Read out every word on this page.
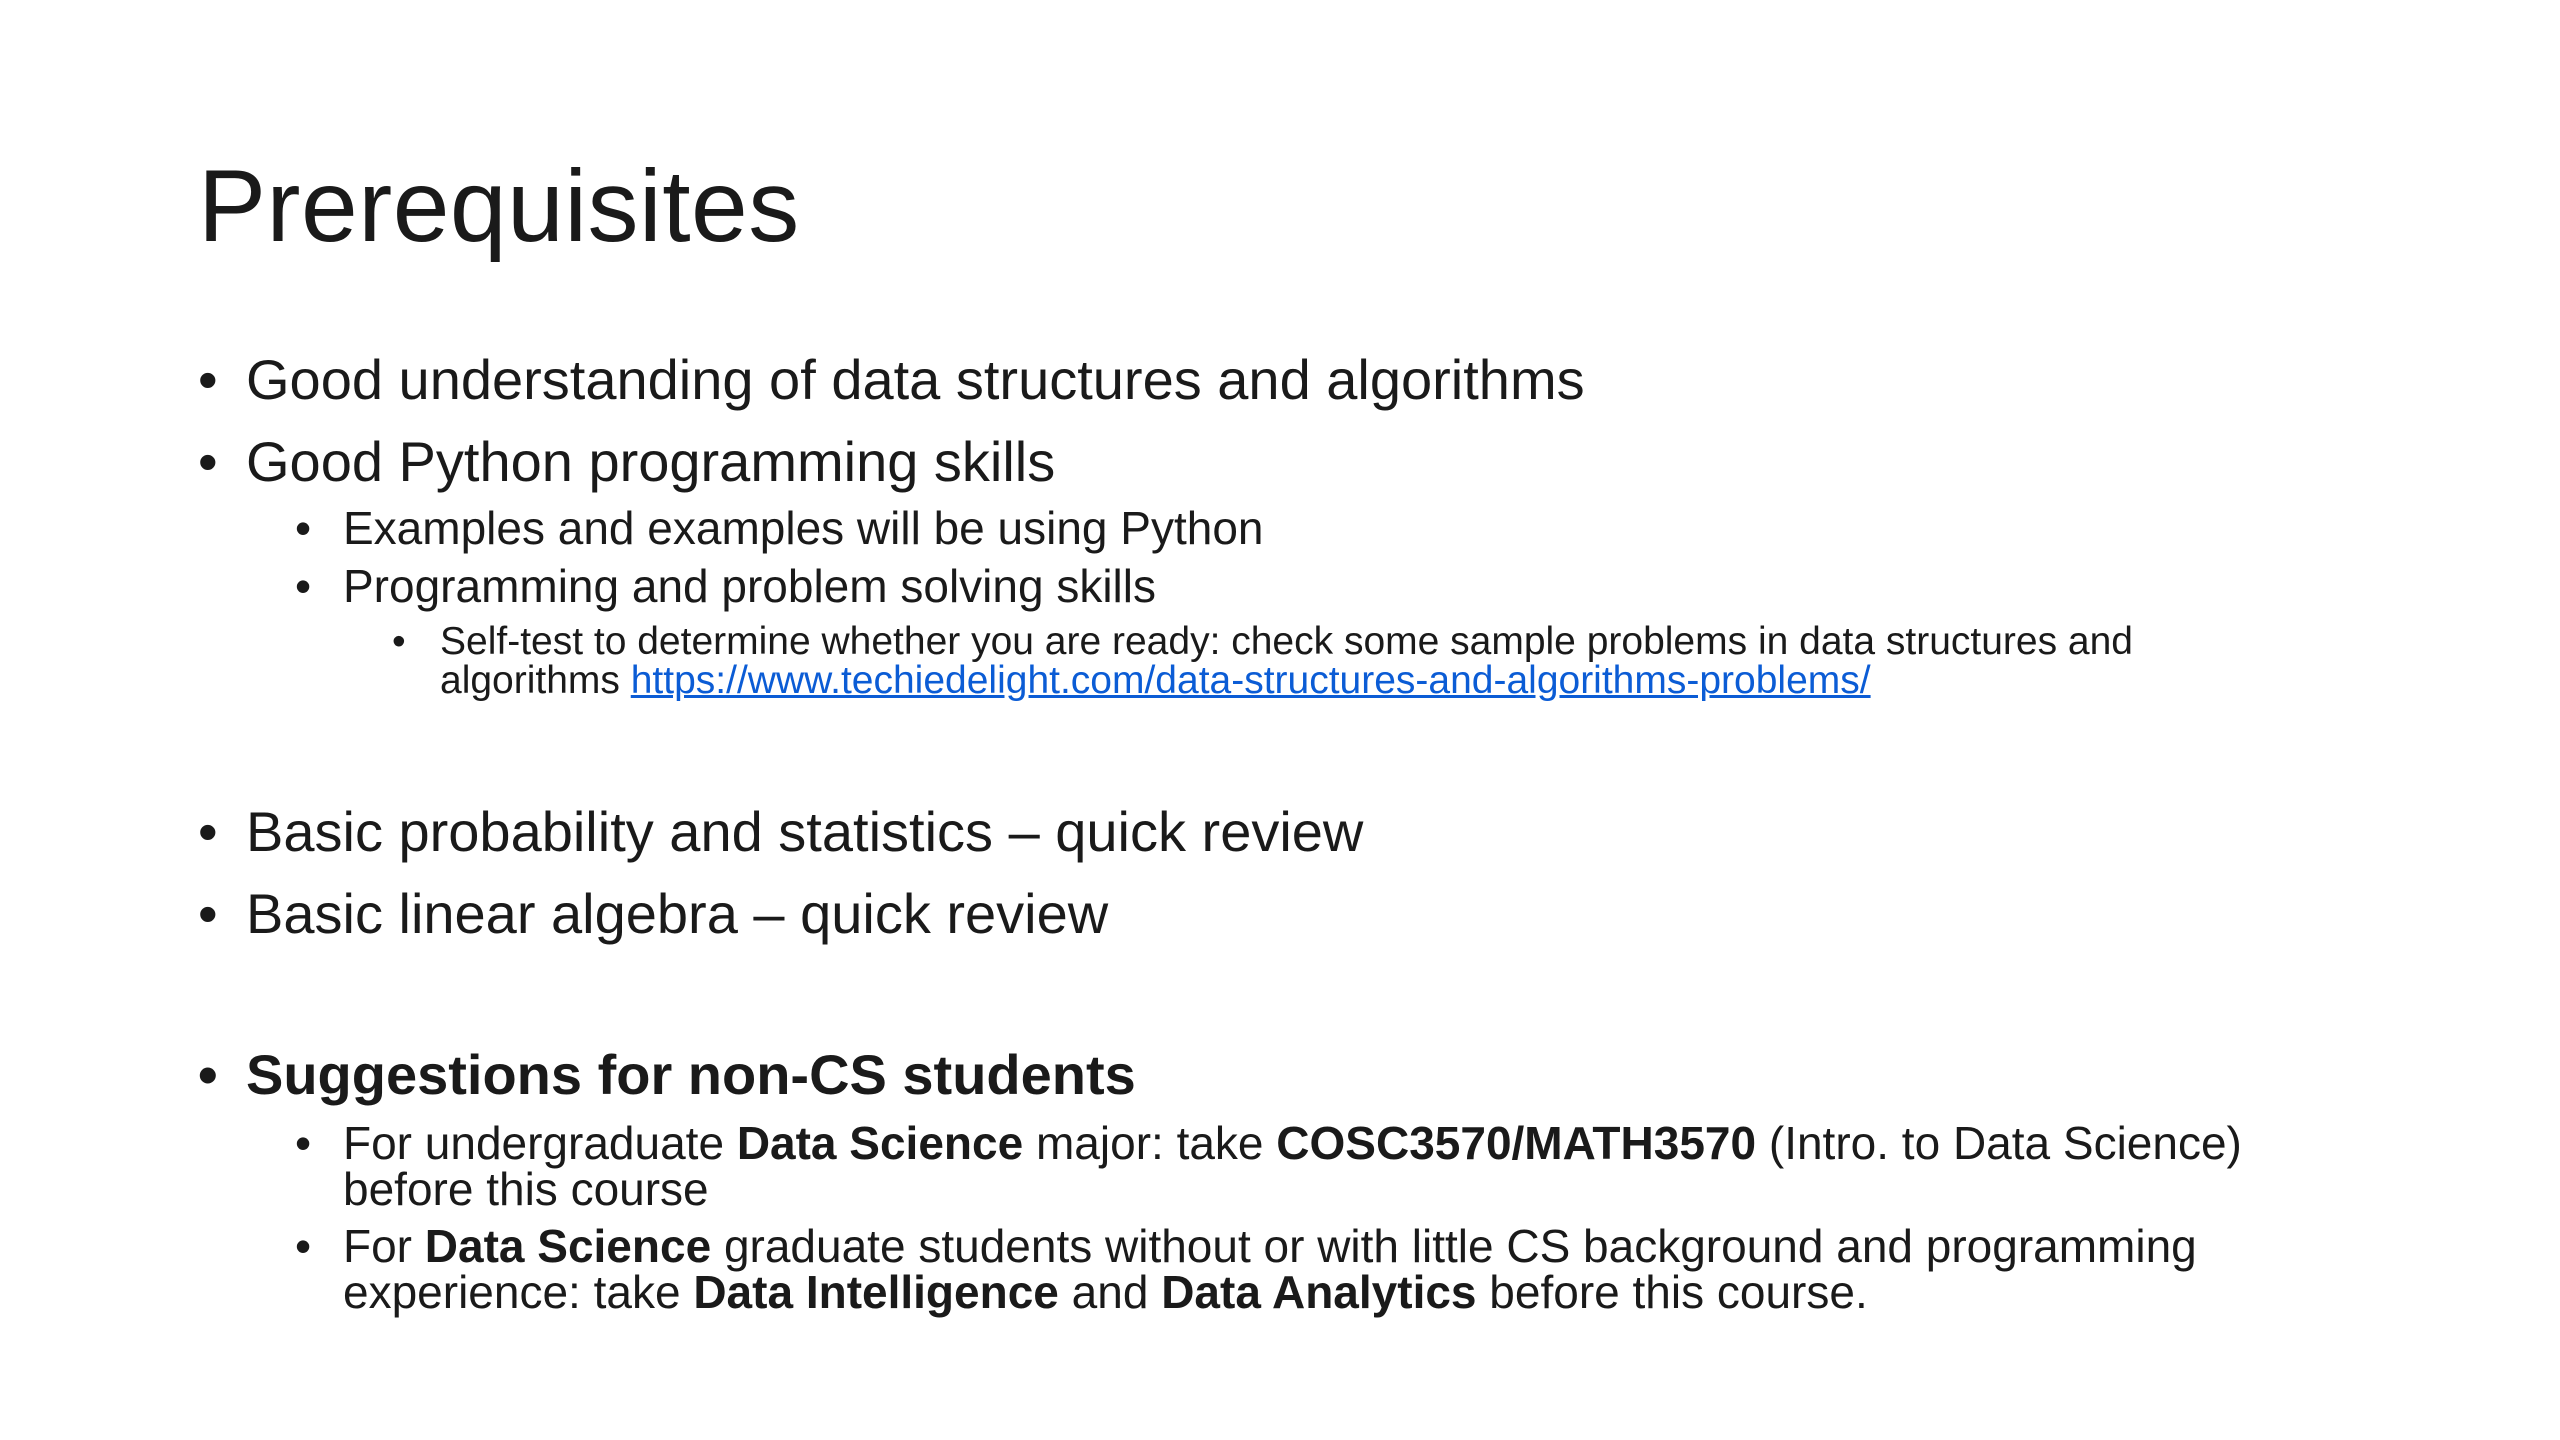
Prerequisites
• Good understanding of data structures and algorithms
• Good Python programming skills
• Examples and examples will be using Python
• Programming and problem solving skills
• Self-test to determine whether you are ready: check some sample problems in data structures and
algorithms https://www.techiedelight.com/data-structures-and-algorithms-problems/
• Basic probability and statistics – quick review
• Basic linear algebra – quick review
• Suggestions for non-CS students
• For undergraduate Data Science major: take COSC3570/MATH3570 (Intro. to Data Science)
before this course
• For Data Science graduate students without or with little CS background and programming
experience: take Data Intelligence and Data Analytics before this course.
